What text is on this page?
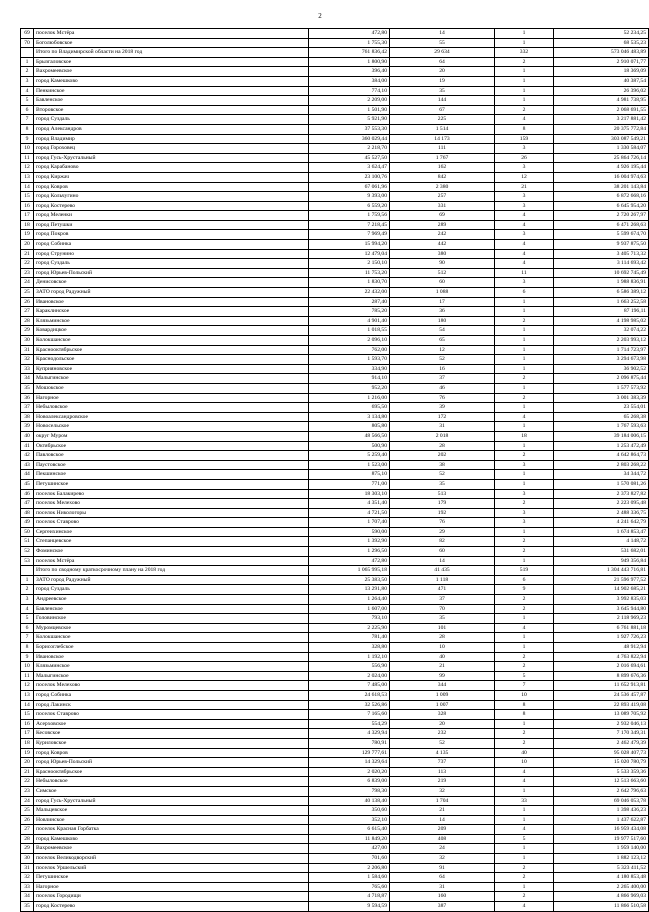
2
69	поселок Мстёра	472,80	14	1	52 234,25
70	Боголюбовское	1 755,30	55	1	68 535,23
	Итого по Владимирской области на 2018 год	761 836,42	29 634	332	573 046 483,89
1	Брызгаловское	1 800,90	64	2	2 910 071,77
2	Вахромеевское	396,40	20	1	18 369,09
3	город Камешково	384,00	19	1	40 387,54
4	Пенкинское	774,10	35	1	26 396,02
5	Бавленское	2 209,00	144	1	4 981 738,95
6	Второвское	1 501,90	67	2	2 068 691,55
7	город Суздаль	5 921,90	225	4	3 217 881,42
8	город Александров	37 553,30	1 514	8	20 375 772,84
9	город Владимир	360 029,44	14 173	159	303 087 549,21
10	город Гороховец	2 218,70	111	3	1 330 584,07
11	город Гусь-Хрустальный	45 527,50	1 767	26	25 864 726,14
12	город Карабаново	3 624,47	162	3	4 926 195,44
13	город Киржач	23 100,76	842	12	16 004 974,63
14	город Ковров	67 061,96	2 380	21	38 201 143,84
15	город Кольчугино	9 393,00	257	3	6 872 668,16
16	город Костерево	6 559,20	331	3	6 645 954,20
17	город Меленки	1 759,56	69	4	2 720 267,97
18	город Петушки	7 218,45	289	4	6 471 268,63
19	город Покров	7 969,49	242	3	5 599 674,70
20	город Собинка	15 994,20	442	4	9 937 875,50
21	город Струнино	12 479,04	380	4	3 405 713,32
22	город Суздаль	2 150,10	90	4	3 114 693,42
23	город Юрьев-Польский	11 753,20	512	11	10 692 745,49
24	Денисовское	1 830,70	60	3	1 988 836,91
25	ЗАТО город Радужный	22 432,00	1 088	6	6 586 389,12
26	Ивановское	287,40	17	1	1 663 252,58
27	Караклинское	785,20	36	1	87 196,11
28	Клязьминское	4 901,40	180	2	4 198 985,02
29	Ковардицкое	1 018,55	54	1	32 074,22
30	Колокшанское	2 096,10	65	1	2 203 993,12
31	Краснооктябрьское	762,00	12	1	1 714 723,97
32	Краснодольское	1 593,70	52	1	3 294 673,98
33	Куприяновское	334,90	16	1	36 902,52
34	Малыгинское	914,10	37	2	2 096 875,44
35	Мошокское	952,20	46	1	1 577 573,92
36	Нагорное	1 216,00	76	2	3 001 383,39
37	Небыловское	695,50	39	1	23 554,01
38	Новоалександровское	3 134,80	172	4	65 268,38
39	Новосельское	805,80	31	1	1 767 593,63
40	округ Муром	48 566,50	2 018	18	39 184 006,15
41	Октябрьское	500,90	28	1	1 253 472,49
42	Павловское	5 259,40	202	2	4 642 864,73
43	Паустовское	1 523,00	38	3	2 803 268,22
44	Пекшинское	875,10	52	1	34 344,72
45	Петушинское	771,00	35	1	1 570 081,26
46	поселок Балакирево	18 303,10	513	3	2 373 827,82
47	поселок Мелехово	4 351,40	179	2	2 223 095,48
48	поселок Никологоры	4 721,50	192	3	2 488 336,75
49	поселок Ставрово	1 707,40	76	3	4 241 642,79
50	Сергеихинское	590,00	29	1	1 674 853,47
51	Степанцевское	1 392,90	82	2	4 148,72
52	Фоминское	1 296,50	60	2	531 682,01
53	поселок Мстёра	472,80	14	1	949 356,84
	Итого по сводному краткосрочному плану на 2018 год	1 065 995,18	41 435	519	1 304 443 716,81
1	ЗАТО город Радужный	25 383,50	1 118	6	21 596 977,52
2	город Суздаль	13 291,80	471	9	14 902 685,21
3	Андреевское	1 264,40	37	2	3 992 835,03
4	Бавленское	1 607,00	70	2	3 645 944,80
5	Головинское	793,10	35	1	2 118 969,23
6	Муромцевское	2 225,90	101	4	6 761 881,18
7	Колокшанское	781,40	28	1	1 927 726,23
8	Борисоглебское	328,80	10	1	48 912,94
9	Ивановское	1 192,10	40	2	4 763 822,94
10	Клязьминское	556,90	21	2	2 016 694,61
11	Малыгинское	2 024,00	99	5	8 899 676,36
12	поселок Мелехово	7 485,00	344	7	11 652 913,81
13	город Собинка	24 618,53	1 009	10	24 536 457,87
14	город Лакинск	32 526,86	1 007	8	22 893 419,08
15	поселок Ставрово	7 165,60	328	8	13 089 705,92
16	Асерховское	554,29	20	1	2 932 046,13
17	Кесовское	4 329,94	232	2	7 170 349,31
18	Куриловское	780,91	52	2	2 462 479,39
19	город Ковров	129 777,61	4 135	40	95 028 407,73
20	город Юрьев-Польский	14 329,64	737	10	15 020 780,79
21	Краснооктябрьское	2 020,20	113	4	5 533 359,36
22	Небыловское	6 839,00	219	4	12 513 663,60
23	Симское	798,30	32	1	2 642 796,63
24	город Гусь-Хрустальный	40 138,40	1 704	33	69 046 053,78
25	Мальцевское	350,60	21	1	1 398 436,23
26	Новлинское	352,10	14	1	1 437 622,87
27	поселок Красная Горбатка	6 615,40	209	4	16 959 434,08
28	город Камешково	11 849,20	408	5	19 977 517,60
29	Вахромеевское	427,00	24	1	1 959 140,00
30	поселок Великодворский	701,60	32	1	1 882 123,12
31	поселок Уршельский	2 206,80	91	2	5 323 411,52
32	Петушинское	1 584,60	64	2	4 180 853,48
33	Нагорное	765,60	31	1	2 265 400,00
34	поселок Городищи	4 718,87	160	2	4 866 969,03
35	город Костерево	9 594,59	387	4	11 866 510,58
